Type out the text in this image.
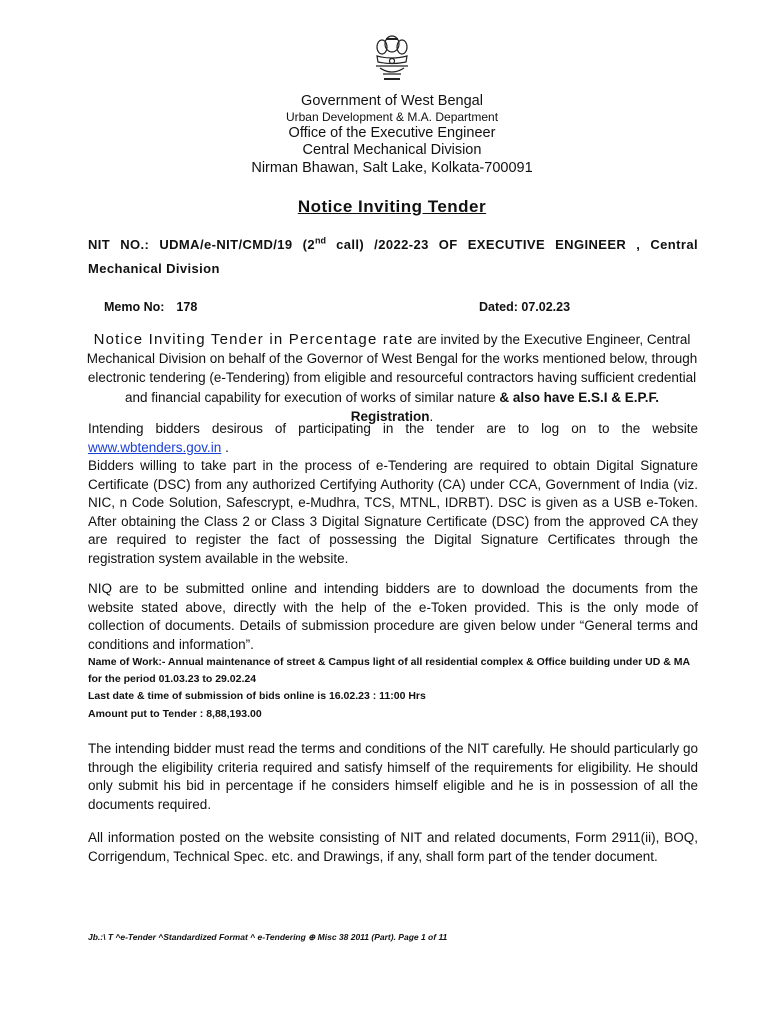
Government of West Bengal
Urban Development & M.A. Department
Office of the Executive Engineer
Central Mechanical Division
Nirman Bhawan, Salt Lake, Kolkata-700091
Notice Inviting Tender
NIT NO.: UDMA/e-NIT/CMD/19 (2nd call) /2022-23 OF EXECUTIVE ENGINEER , Central Mechanical Division
Memo No: 178	Dated: 07.02.23
Notice Inviting Tender in Percentage rate are invited by the Executive Engineer, Central Mechanical Division on behalf of the Governor of West Bengal for the works mentioned below, through electronic tendering (e-Tendering) from eligible and resourceful contractors having sufficient credential and financial capability for execution of works of similar nature & also have E.S.I & E.P.F. Registration.
Intending bidders desirous of participating in the tender are to log on to the website www.wbtenders.gov.in .
Bidders willing to take part in the process of e-Tendering are required to obtain Digital Signature Certificate (DSC) from any authorized Certifying Authority (CA) under CCA, Government of India (viz. NIC, n Code Solution, Safescrypt, e-Mudhra, TCS, MTNL, IDRBT). DSC is given as a USB e-Token. After obtaining the Class 2 or Class 3 Digital Signature Certificate (DSC) from the approved CA they are required to register the fact of possessing the Digital Signature Certificates through the registration system available in the website.
NIQ are to be submitted online and intending bidders are to download the documents from the website stated above, directly with the help of the e-Token provided. This is the only mode of collection of documents. Details of submission procedure are given below under “General terms and conditions and information”.
Name of Work:- Annual maintenance of street & Campus light of all residential complex & Office building under UD & MA for the period 01.03.23 to 29.02.24
Last date & time of submission of bids online is 16.02.23 : 11:00 Hrs
Amount put to Tender : 8,88,193.00
The intending bidder must read the terms and conditions of the NIT carefully. He should particularly go through the eligibility criteria required and satisfy himself of the requirements for eligibility. He should only submit his bid in percentage if he considers himself eligible and he is in possession of all the documents required.
All information posted on the website consisting of NIT and related documents, Form 2911(ii), BOQ, Corrigendum, Technical Spec. etc. and Drawings, if any, shall form part of the tender document.
Jb.:\ T ^e-Tender ^Standardized Format ^ e-Tendering ⊕ Misc 38 2011 (Part). Page 1 of 11
